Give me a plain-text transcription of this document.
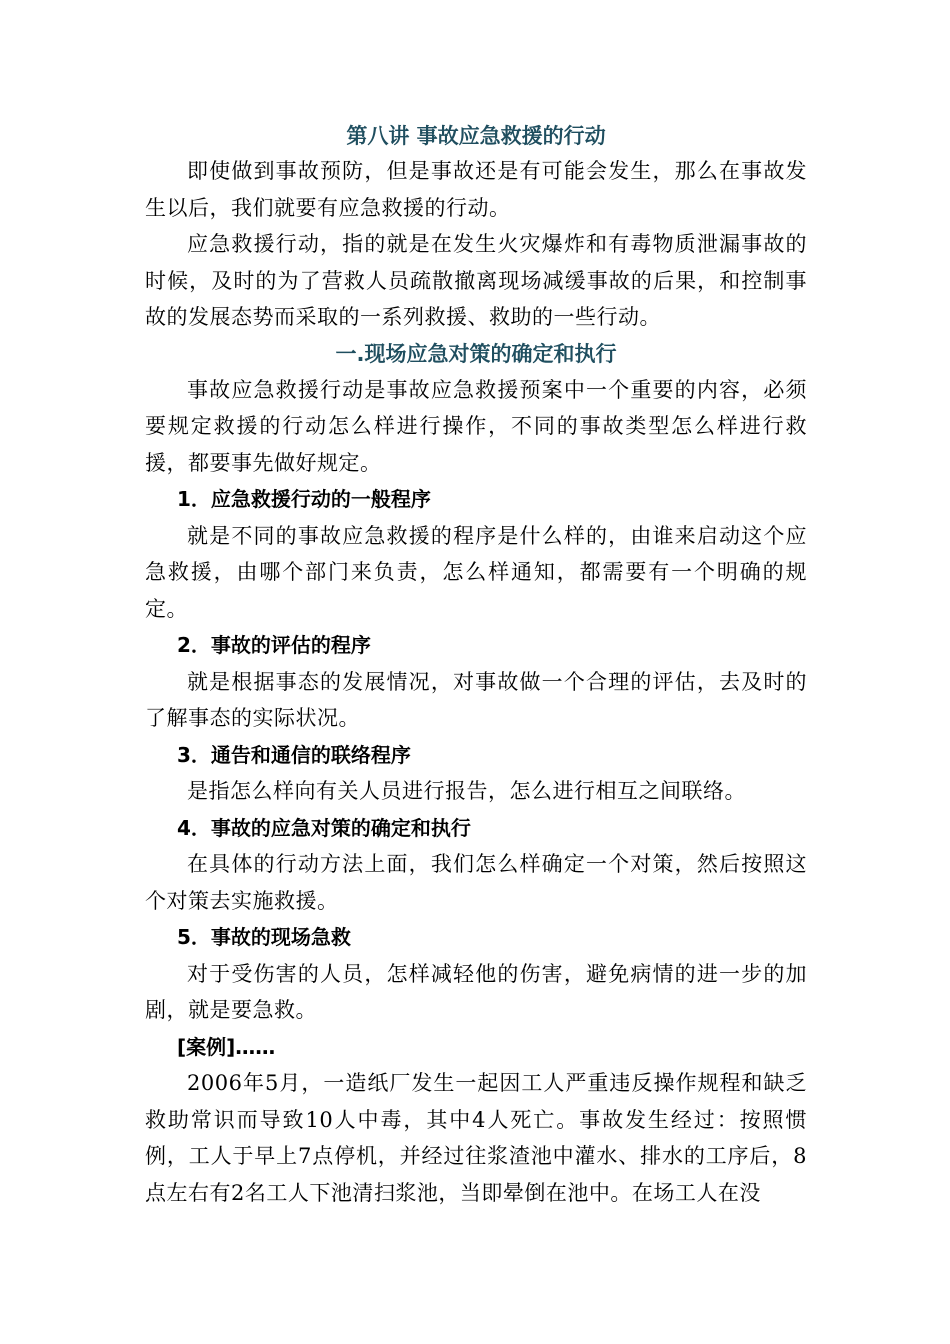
第八讲 事故应急救援的行动

即使做到事故预防，但是事故还是有可能会发生，那么在事故发生以后，我们就要有应急救援的行动。

应急救援行动，指的就是在发生火灾爆炸和有毒物质泄漏事故的时候，及时的为了营救人员疏散撤离现场减缓事故的后果，和控制事故的发展态势而采取的一系列救援、救助的一些行动。

一.现场应急对策的确定和执行

事故应急救援行动是事故应急救援预案中一个重要的内容，必须要规定救援的行动怎么样进行操作，不同的事故类型怎么样进行救援，都要事先做好规定。

1．应急救援行动的一般程序

就是不同的事故应急救援的程序是什么样的，由谁来启动这个应急救援，由哪个部门来负责，怎么样通知，都需要有一个明确的规定。

2．事故的评估的程序

就是根据事态的发展情况，对事故做一个合理的评估，去及时的了解事态的实际状况。

3．通告和通信的联络程序

是指怎么样向有关人员进行报告，怎么进行相互之间联络。

4．事故的应急对策的确定和执行

在具体的行动方法上面，我们怎么样确定一个对策，然后按照这个对策去实施救援。

5．事故的现场急救

对于受伤害的人员，怎样减轻他的伤害，避免病情的进一步的加剧，就是要急救。

[案例]……

2006年5月，一造纸厂发生一起因工人严重违反操作规程和缺乏救助常识而导致10人中毒，其中4人死亡。事故发生经过：按照惯例，工人于早上7点停机，并经过往浆渣池中灌水、排水的工序后，8点左右有2名工人下池清扫浆池，当即晕倒在池中。在场工人在没
